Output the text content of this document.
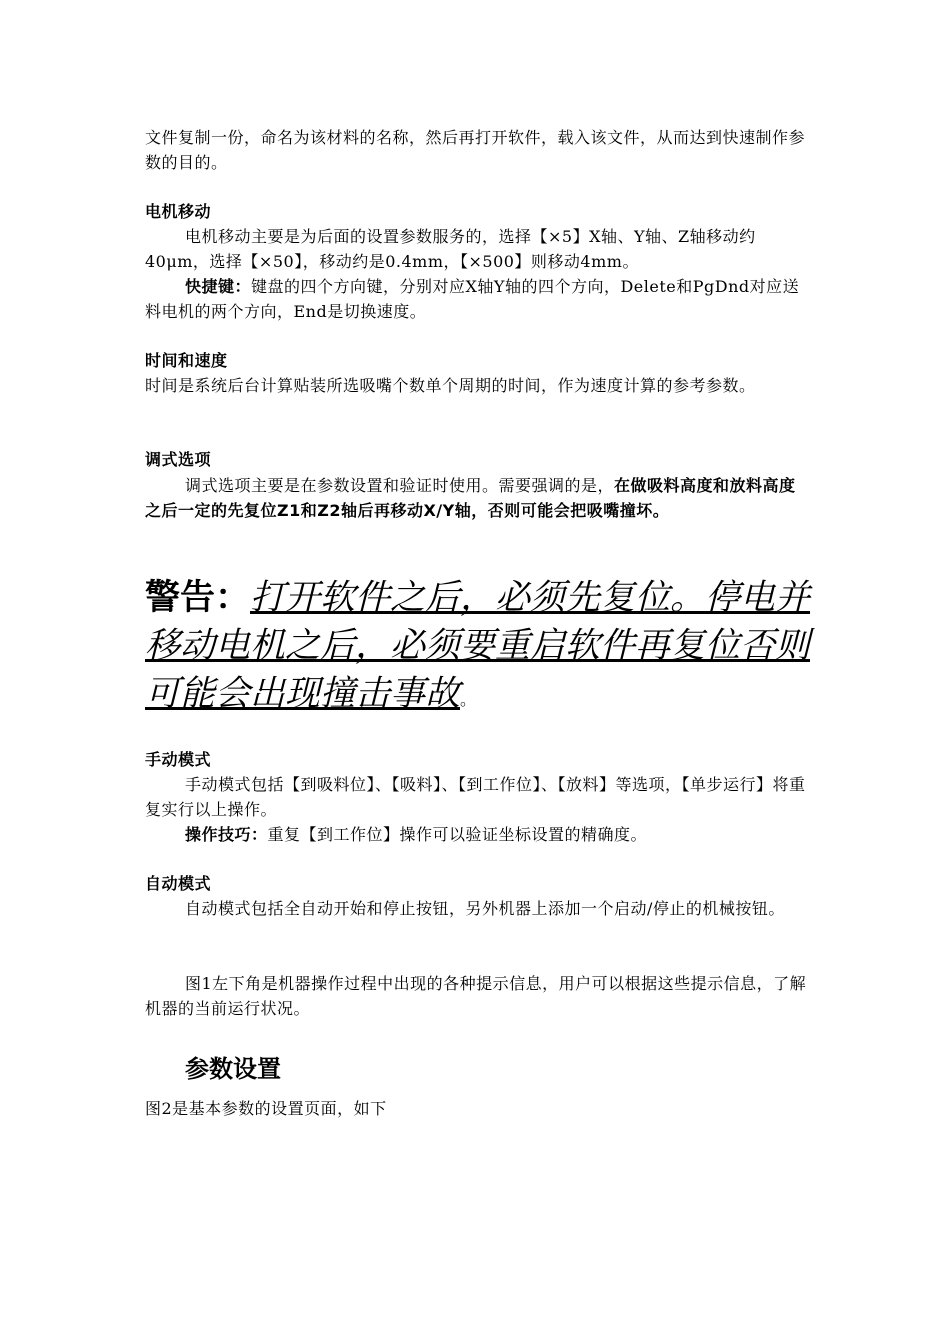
文件复制一份，命名为该材料的名称，然后再打开软件，载入该文件，从而达到快速制作参数的目的。
电机移动
电机移动主要是为后面的设置参数服务的，选择【×5】X轴、Y轴、Z轴移动约40μm，选择【×50】，移动约是0.4mm，【×500】则移动4mm。
快捷键：键盘的四个方向键，分别对应X轴Y轴的四个方向，Delete和PgDnd对应送料电机的两个方向，End是切换速度。
时间和速度
时间是系统后台计算贴装所选吸嘴个数单个周期的时间，作为速度计算的参考参数。
调式选项
调式选项主要是在参数设置和验证时使用。需要强调的是，在做吸料高度和放料高度之后一定的先复位Z1和Z2轴后再移动X/Y轴，否则可能会把吸嘴撞坏。
警告：打开软件之后，必须先复位。停电并移动电机之后，必须要重启软件再复位否则可能会出现撞击事故。
手动模式
手动模式包括【到吸料位】、【吸料】、【到工作位】、【放料】等选项，【单步运行】将重复实行以上操作。
操作技巧：重复【到工作位】操作可以验证坐标设置的精确度。
自动模式
自动模式包括全自动开始和停止按钮，另外机器上添加一个启动/停止的机械按钮。
图1左下角是机器操作过程中出现的各种提示信息，用户可以根据这些提示信息，了解机器的当前运行状况。
参数设置
图2是基本参数的设置页面，如下
